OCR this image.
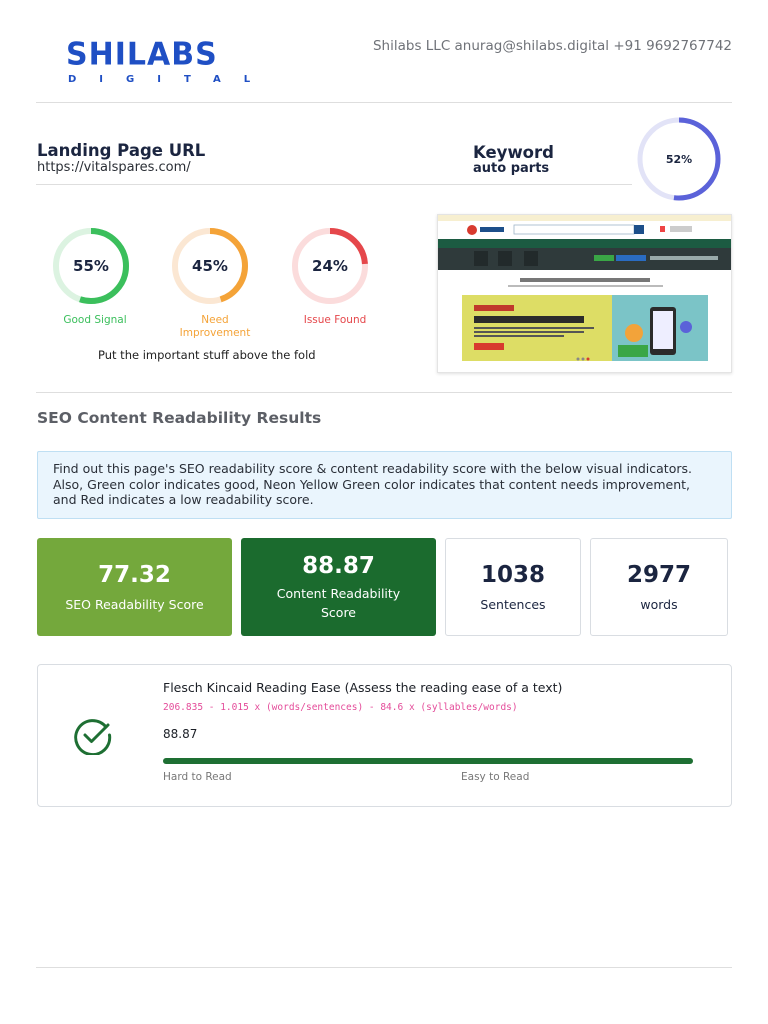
SHILABS
DIGITAL
Shilabs LLC anurag@shilabs.digital +91 9692767742
Landing Page URL
https://vitalspares.com/
Keyword
auto parts
52%
55%
Good Signal
45%
Need Improvement
24%
Issue Found
Put the important stuff above the fold
SEO Content Readability Results
Find out this page's SEO readability score & content readability score with the below visual indicators. Also, Green color indicates good, Neon Yellow Green color indicates that content needs improvement, and Red indicates a low readability score.
77.32
SEO Readability Score
88.87
Content Readability Score
1038
Sentences
2977
words
Flesch Kincaid Reading Ease (Assess the reading ease of a text)
206.835 - 1.015 x (words/sentences) - 84.6 x (syllables/words)
88.87
Hard to Read	Easy to Read
